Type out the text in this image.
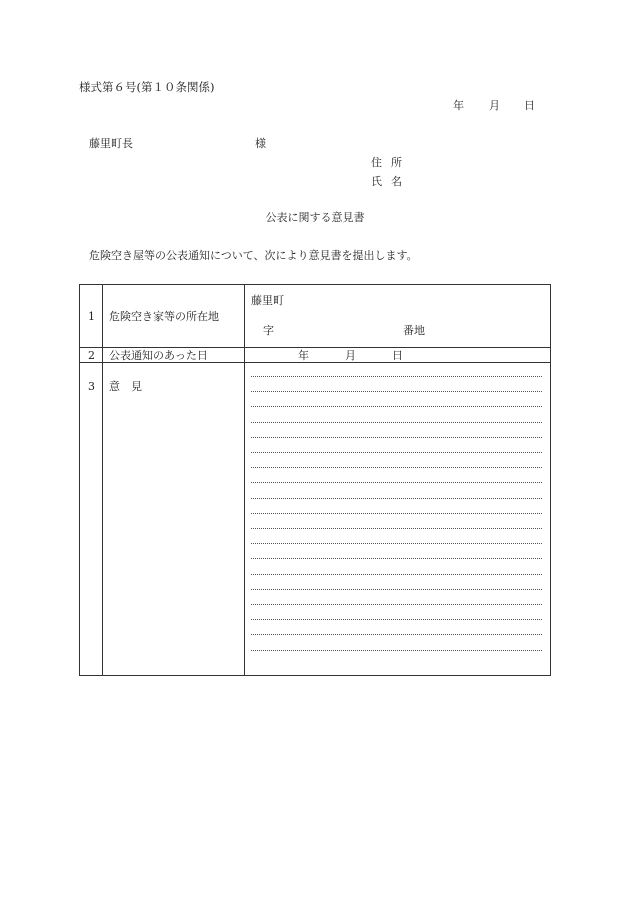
様式第６号(第１０条関係)
年 月 日
藤里町長	様
住所
氏名
公表に関する意見書
危険空き屋等の公表通知について、次により意見書を提出します。
1 危険空き家等の所在地
藤里町
字	番地
2 公表通知のあった日	年	月	日
3 意　見
